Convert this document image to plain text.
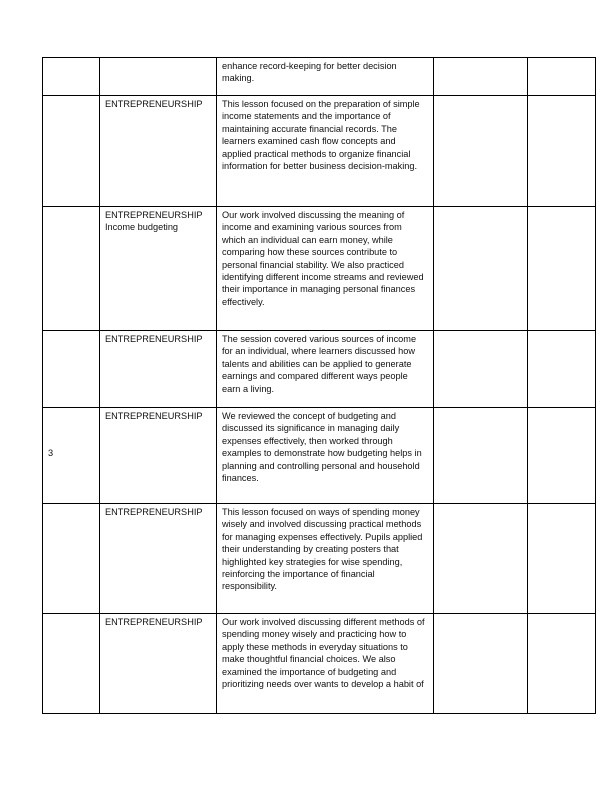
		enhance record-keeping for better decision making.		
	ENTREPRENEURSHIP	This lesson focused on the preparation of simple income statements and the importance of maintaining accurate financial records. The learners examined cash flow concepts and applied practical methods to organize financial information for better business decision-making.		
	ENTREPRENEURSHIP Income budgeting	Our work involved discussing the meaning of income and examining various sources from which an individual can earn money, while comparing how these sources contribute to personal financial stability. We also practiced identifying different income streams and reviewed their importance in managing personal finances effectively.		
	ENTREPRENEURSHIP	The session covered various sources of income for an individual, where learners discussed how talents and abilities can be applied to generate earnings and compared different ways people earn a living.		
3	ENTREPRENEURSHIP	We reviewed the concept of budgeting and discussed its significance in managing daily expenses effectively, then worked through examples to demonstrate how budgeting helps in planning and controlling personal and household finances.		
	ENTREPRENEURSHIP	This lesson focused on ways of spending money wisely and involved discussing practical methods for managing expenses effectively. Pupils applied their understanding by creating posters that highlighted key strategies for wise spending, reinforcing the importance of financial responsibility.		
	ENTREPRENEURSHIP	Our work involved discussing different methods of spending money wisely and practicing how to apply these methods in everyday situations to make thoughtful financial choices. We also examined the importance of budgeting and prioritizing needs over wants to develop a habit of		
